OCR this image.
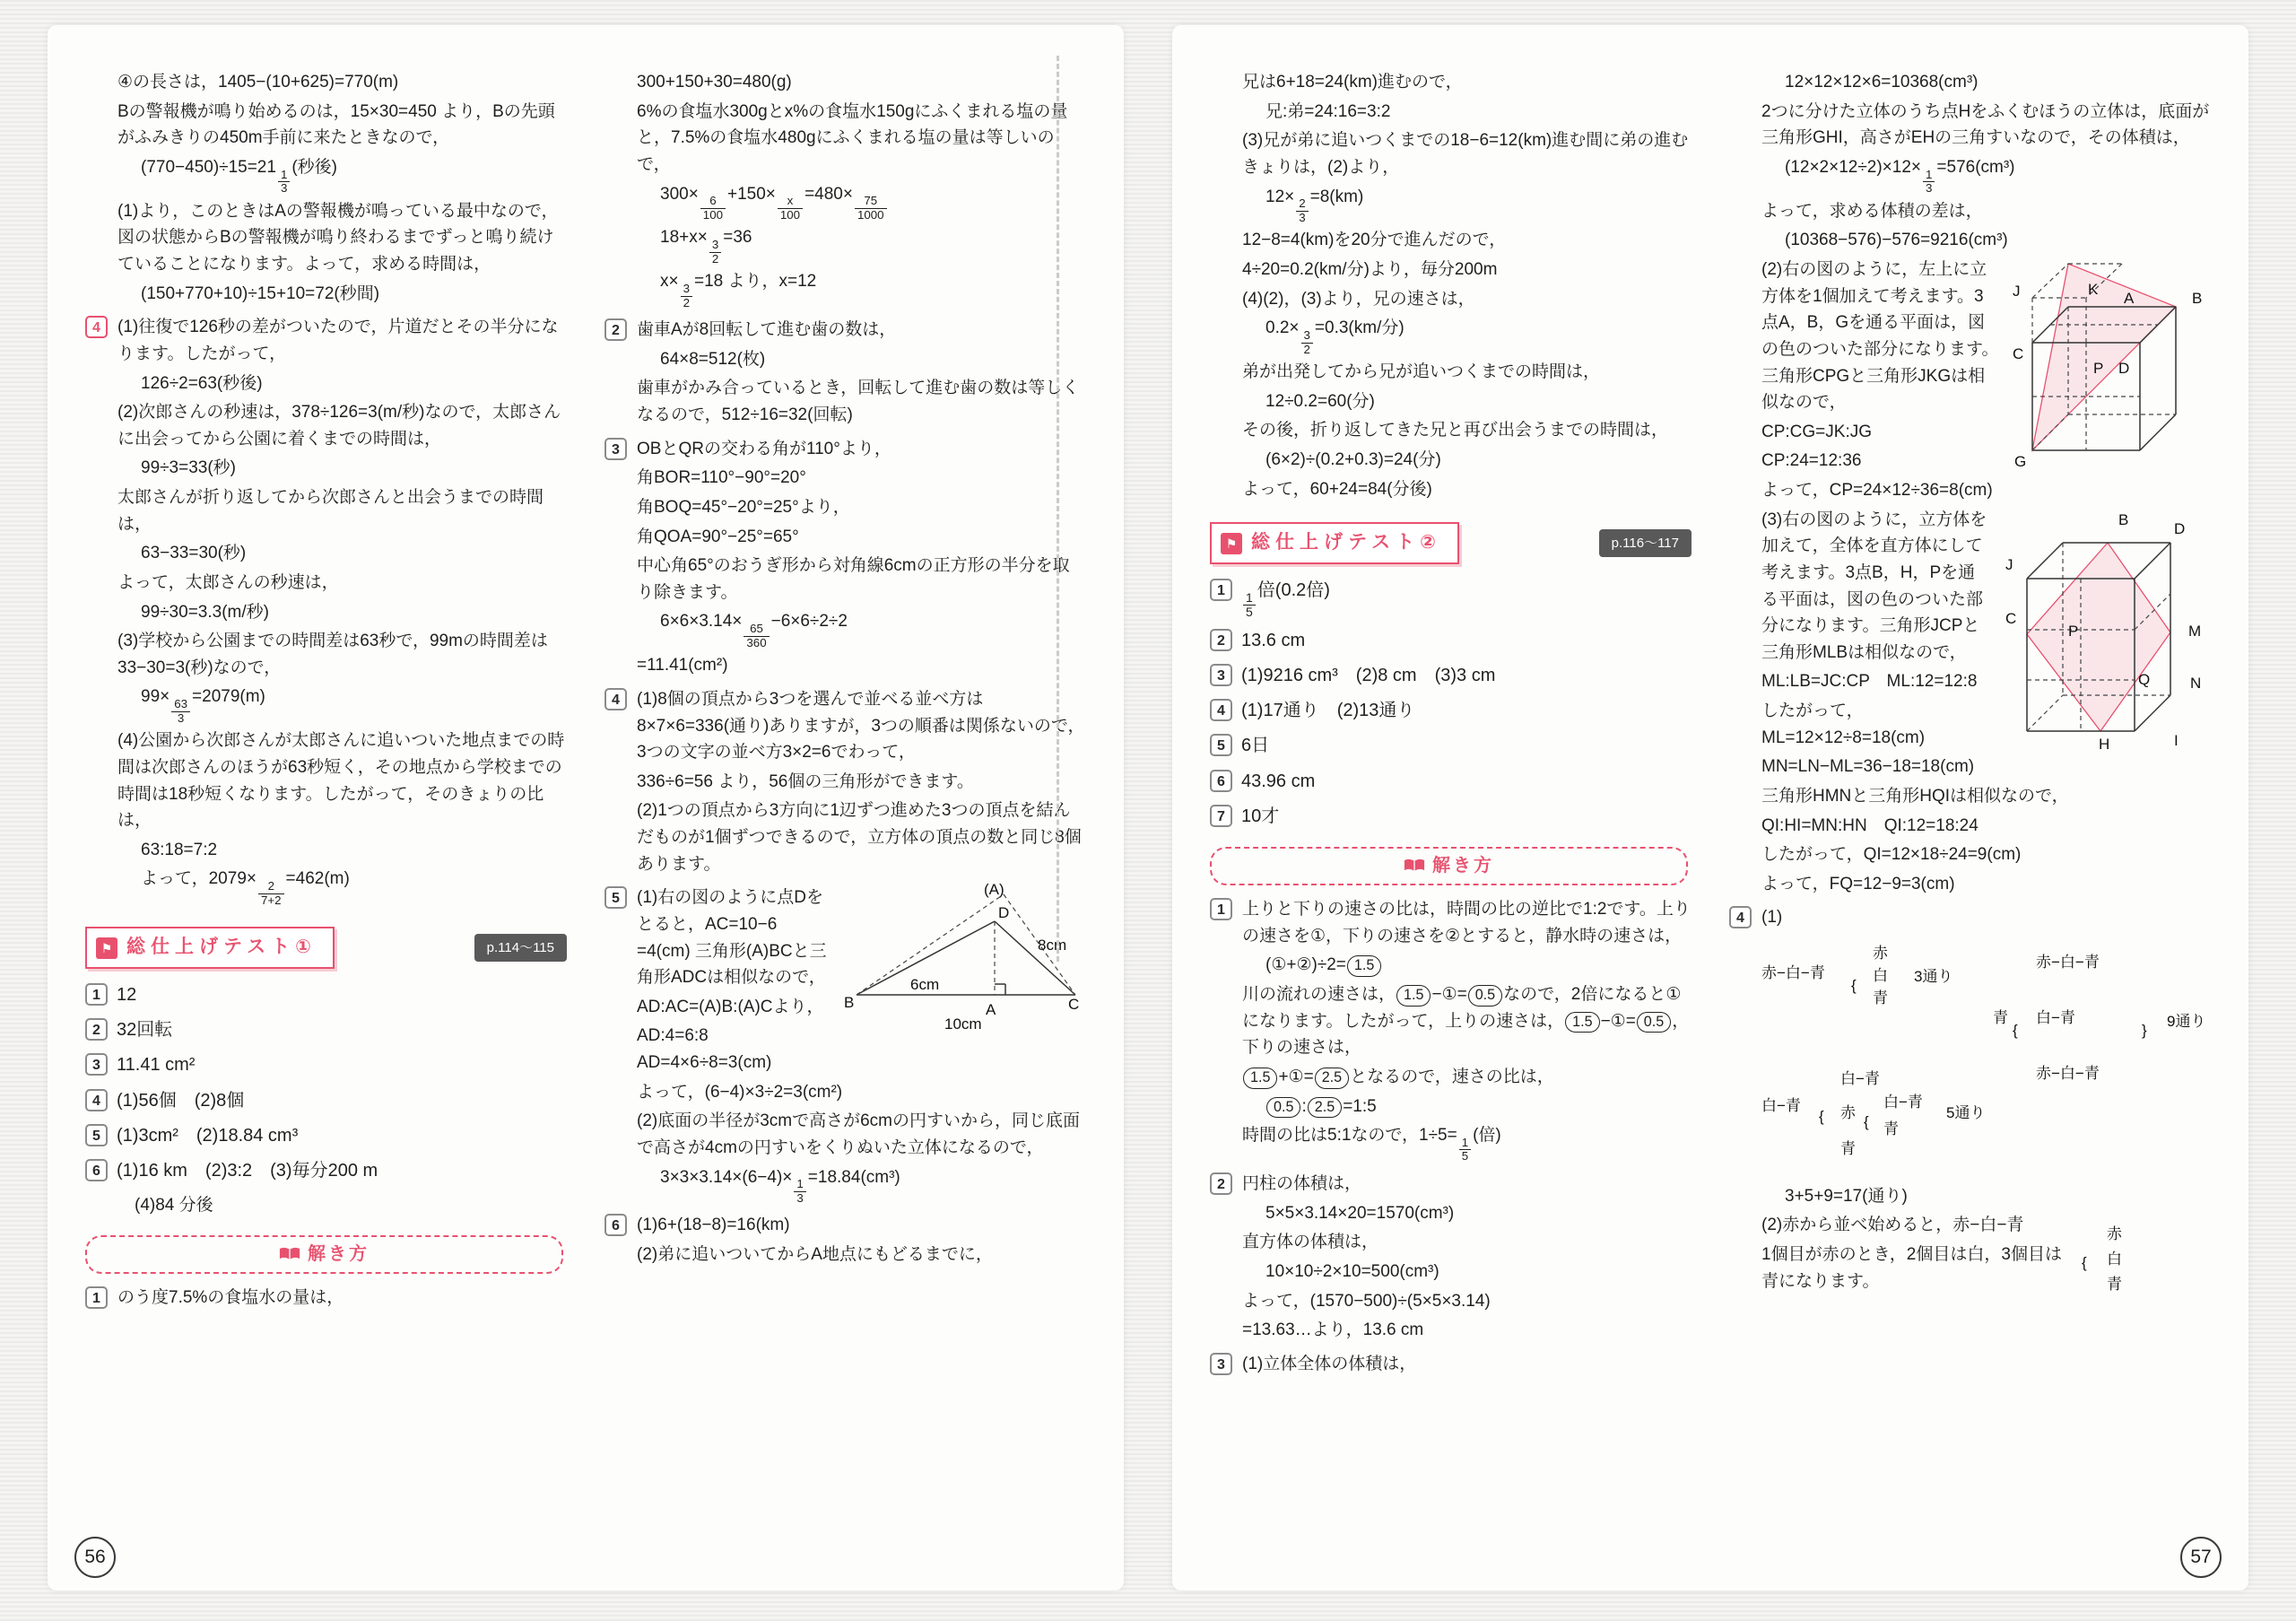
④の長さは，1405−(10+625)=770(m)
Bの警報機が鳴り始めるのは，15×30=450 より，Bの先頭がふみきりの450m手前に来たときなので，
(770−450)÷15=21
$\frac{1}{3}$
(秒後)
(1)より，このときはAの警報機が鳴っている最中なので，図の状態からBの警報機が鳴り終わるまでずっと鳴り続けていることになります。よって，求める時間は，
(150+770+10)÷15+10=72(秒間)
4	(1)往復で126秒の差がついたので，片道だとその半分になります。したがって，
126÷2=63(秒後)
(2)次郎さんの秒速は，378÷126=3(m/秒)なので，太郎さんに出会ってから公園に着くまでの時間は，
99÷3=33(秒)
太郎さんが折り返してから次郎さんと出会うまでの時間は，
63−33=30(秒)
よって，太郎さんの秒速は，
99÷30=3.3(m/秒)
(3)学校から公園までの時間差は63秒で，99mの時間差は33−30=3(秒)なので，
99×
$\frac{63}{3}$
=2079(m)
(4)公園から次郎さんが太郎さんに追いついた地点までの時間は次郎さんのほうが63秒短く，その地点から学校までの時間は18秒短くなります。したがって，そのきょりの比は，
63:18=7:2
よって，2079×
$\frac{2}{7+2}$
=462(m)
⚑ 総仕上げテスト①	p.114〜115
1 12
2 32回転
3 11.41 cm²
4 (1)56個　(2)8個
5 (1)3cm²　(2)18.84 cm³
6 (1)16 km　(2)3:2　(3)毎分200 m
　(4)84 分後
解き方
1	のう度7.5%の食塩水の量は，
300+150+30=480(g)
6%の食塩水300gとx%の食塩水150gにふくまれる塩の量と，7.5%の食塩水480gにふくまれる塩の量は等しいので，
300×
$\frac{6}{100}$
+150×
$\frac{x}{100}$
=480×
$\frac{75}{1000}$
18+x×
$\frac{3}{2}$
=36
x×
$\frac{3}{2}$
=18 より，x=12
2	歯車Aが8回転して進む歯の数は，
64×8=512(枚)
歯車がかみ合っているとき，回転して進む歯の数は等しくなるので，512÷16=32(回転)
3	OBとQRの交わる角が110°より，
角BOR=110°−90°=20°
角BOQ=45°−20°=25°より，
角QOA=90°−25°=65°
中心角65°のおうぎ形から対角線6cmの正方形の半分を取り除きます。
6×6×3.14×
$\frac{65}{360}$
−6×6÷2÷2
=11.41(cm²)
4	(1)8個の頂点から3つを選んで並べる並べ方は8×7×6=336(通り)ありますが，3つの順番は関係ないので，3つの文字の並べ方3×2=6でわって，
336÷6=56 より，56個の三角形ができます。
(2)1つの頂点から3方向に1辺ずつ進めた3つの頂点を結んだものが1個ずつできるので，立方体の頂点の数と同じ8個あります。
(A)
D
8cm
B
6cm
A	C
10cm
5	(1)右の図のように点Dをとると，AC=10−6 =4(cm) 三角形(A)BCと三角形ADCは相似なので，
AD:AC=(A)B:(A)Cより，
AD:4=6:8　AD=4×6÷8=3(cm)
よって，(6−4)×3÷2=3(cm²)
(2)底面の半径が3cmで高さが6cmの円すいから，同じ底面で高さが4cmの円すいをくりぬいた立体になるので，
3×3×3.14×(6−4)×
$\frac{1}{3}$
=18.84(cm³)
6	(1)6+(18−8)=16(km)
(2)弟に追いついてからA地点にもどるまでに，
56
兄は6+18=24(km)進むので，
兄:弟=24:16=3:2
(3)兄が弟に追いつくまでの18−6=12(km)進む間に弟の進むきょりは，(2)より，
12×
$\frac{2}{3}$
=8(km)
12−8=4(km)を20分で進んだので，
4÷20=0.2(km/分)より，毎分200m
(4)(2)，(3)より，兄の速さは，
0.2×
$\frac{3}{2}$
=0.3(km/分)
弟が出発してから兄が追いつくまでの時間は，
12÷0.2=60(分)
その後，折り返してきた兄と再び出会うまでの時間は，
(6×2)÷(0.2+0.3)=24(分)
よって，60+24=84(分後)
⚑ 総仕上げテスト②	p.116〜117
1
$\frac{1}{5}$
倍(0.2倍)
2 13.6 cm
3 (1)9216 cm³　(2)8 cm　(3)3 cm
4 (1)17通り　(2)13通り
5 6日
6 43.96 cm
7 10才
解き方
1	上りと下りの速さの比は，時間の比の逆比で1:2です。上りの速さを①，下りの速さを②とすると，静水時の速さは，
(①+②)÷2= 1.5
川の流れの速さは， 1.5 −①= 0.5 なので，2倍になると①になります。したがって，上りの速さは， 1.5 −①= 0.5 ，下りの速さは，
1.5 +①= 2.5 となるので，速さの比は，
0.5 : 2.5 =1:5
時間の比は5:1なので，1÷5=
$\frac{1}{5}$
(倍)
2	円柱の体積は，
5×5×3.14×20=1570(cm³)
直方体の体積は，
10×10÷2×10=500(cm³)
よって，(1570−500)÷(5×5×3.14)
=13.63…より，13.6 cm
3	(1)立体全体の体積は，
12×12×12×6=10368(cm³)
2つに分けた立体のうち点Hをふくむほうの立体は，底面が三角形GHI，高さがEHの三角すいなので，その体積は，
(12×2×12÷2)×12×
$\frac{1}{3}$
=576(cm³)
よって，求める体積の差は，
(10368−576)−576=9216(cm³)
J	K
A	B
C
P D
G
(2)右の図のように，左上に立方体を1個加えて考えます。3点A，B，Gを通る平面は，図の色のついた部分になります。三角形CPGと三角形JKGは相似なので，
CP:CG=JK:JG
CP:24=12:36
よって，CP=24×12÷36=8(cm)
J
B
D
C
P	M
Q	N
I
H
(3)右の図のように，立方体を加えて，全体を直方体にして考えます。3点B，H，Pを通る平面は，図の色のついた部分になります。三角形JCPと三角形MLBは相似なので，
ML:LB=JC:CP　ML:12=12:8
したがって，ML=12×12÷8=18(cm)
MN=LN−ML=36−18=18(cm)
三角形HMNと三角形HQIは相似なので，
QI:HI=MN:HN　QI:12=18:24
したがって，QI=12×18÷24=9(cm)
よって，FQ=12−9=3(cm)
4	(1)
赤−白−青
{
赤
白
青
3通り
青
{
赤−白−青
白−青
赤−白−青
}
9通り
白−青
{
白−青
赤
{
白−青
青
青
5通り
3+5+9=17(通り)
{
赤
白
青
(2)赤から並べ始めると，赤−白−青
1個目が赤のとき，2個目は白，3個目は青になります。
57
